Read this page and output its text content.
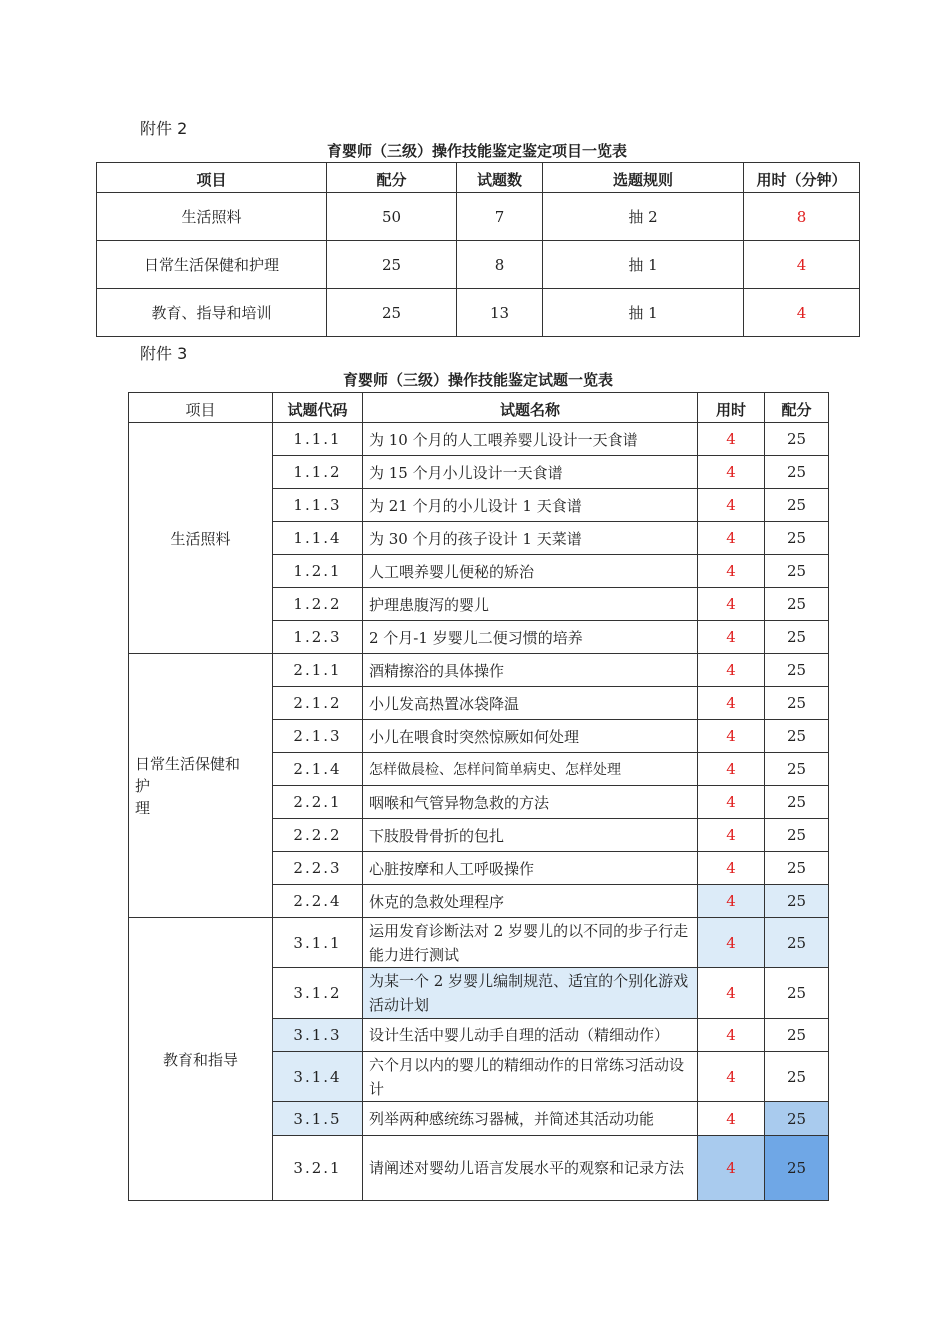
附件 2
育婴师（三级）操作技能鉴定鉴定项目一览表
项目	配分	试题数	选题规则	用时（分钟）
生活照料	50	7	抽 2	8
日常生活保健和护理	25	8	抽 1	4
教育、指导和培训	25	13	抽 1	4
附件 3
育婴师（三级）操作技能鉴定试题一览表
项目	试题代码	试题名称	用时	配分
生活照料	1.1.1	为 10 个月的人工喂养婴儿设计一天食谱	4	25
	1.1.2	为 15 个月小儿设计一天食谱	4	25
	1.1.3	为 21 个月的小儿设计 1 天食谱	4	25
	1.1.4	为 30 个月的孩子设计 1 天菜谱	4	25
	1.2.1	人工喂养婴儿便秘的矫治	4	25
	1.2.2	护理患腹泻的婴儿	4	25
	1.2.3	2 个月-1 岁婴儿二便习惯的培养	4	25

日常生活保健和
护
理	2.1.1	酒精擦浴的具体操作	4	25
	2.1.2	小儿发高热置冰袋降温	4	25
	2.1.3	小儿在喂食时突然惊厥如何处理	4	25
	2.1.4	怎样做晨检、怎样问简单病史、怎样处理	4	25
	2.2.1	咽喉和气管异物急救的方法	4	25
	2.2.2	下肢股骨骨折的包扎	4	25
	2.2.3	心脏按摩和人工呼吸操作	4	25
	2.2.4	休克的急救处理程序	4	25
教育和指导	3.1.1	运用发育诊断法对 2 岁婴儿的以不同的步子行走能力进行测试	4	25
	3.1.2	为某一个 2 岁婴儿编制规范、适宜的个别化游戏活动计划	4	25
	3.1.3	设计生活中婴儿动手自理的活动（精细动作）	4	25
	3.1.4	六个月以内的婴儿的精细动作的日常练习活动设计	4	25
	3.1.5	列举两种感统练习器械，并简述其活动功能	4	25
	3.2.1	请阐述对婴幼儿语言发展水平的观察和记录方法	4	25
